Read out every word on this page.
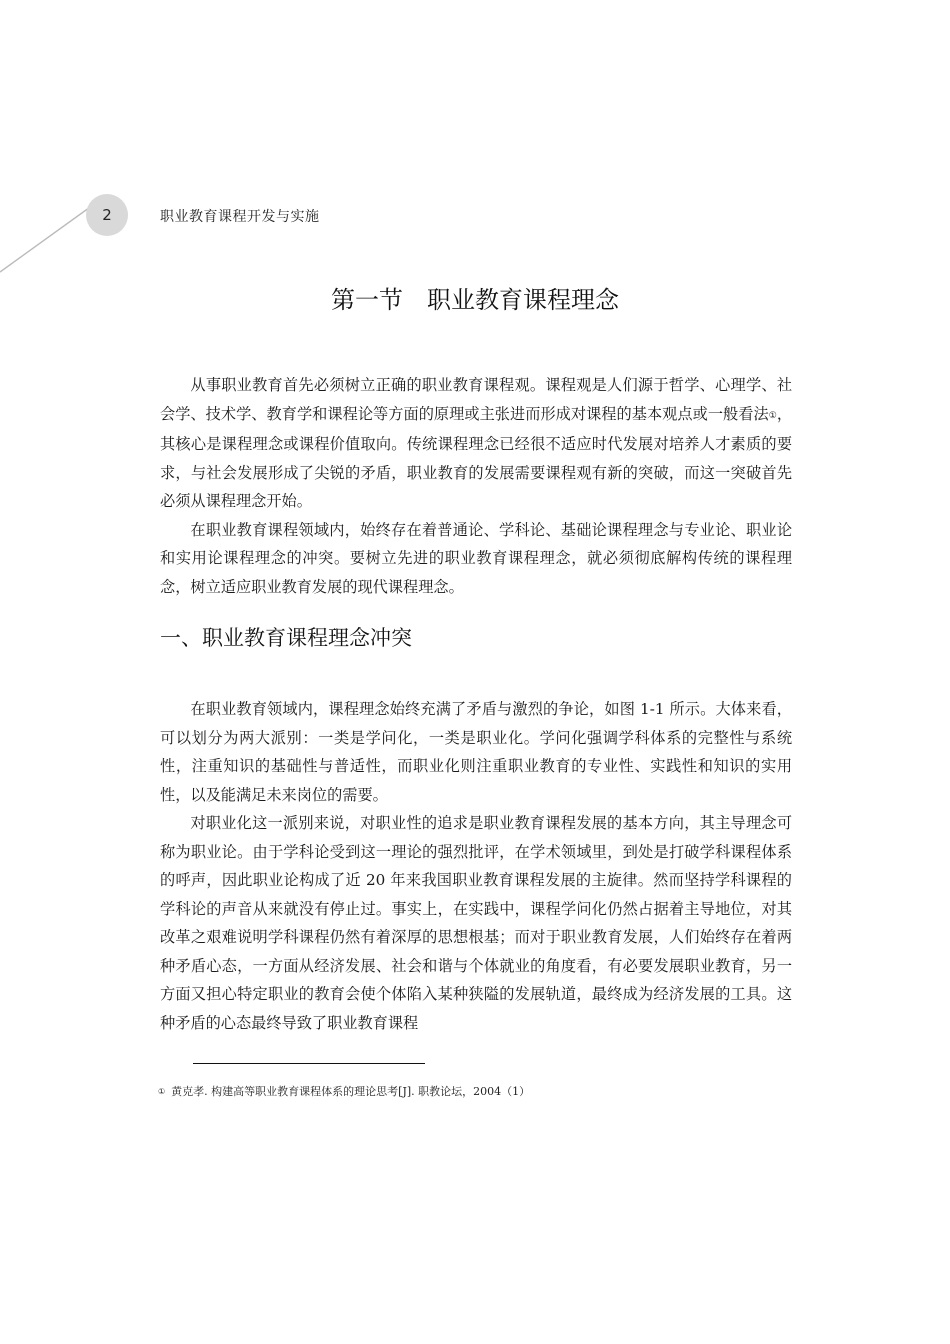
2	职业教育课程开发与实施
第一节 职业教育课程理念

从事职业教育首先必须树立正确的职业教育课程观。课程观是人们源于哲学、心理学、社会学、技术学、教育学和课程论等方面的原理或主张进而形成对课程的基本观点或一般看法①，其核心是课程理念或课程价值取向。传统课程理念已经很不适应时代发展对培养人才素质的要求，与社会发展形成了尖锐的矛盾，职业教育的发展需要课程观有新的突破，而这一突破首先必须从课程理念开始。

在职业教育课程领域内，始终存在着普通论、学科论、基础论课程理念与专业论、职业论和实用论课程理念的冲突。要树立先进的职业教育课程理念，就必须彻底解构传统的课程理念，树立适应职业教育发展的现代课程理念。

一、职业教育课程理念冲突

在职业教育领域内，课程理念始终充满了矛盾与激烈的争论，如图 1-1 所示。大体来看，可以划分为两大派别：一类是学问化，一类是职业化。学问化强调学科体系的完整性与系统性，注重知识的基础性与普适性，而职业化则注重职业教育的专业性、实践性和知识的实用性，以及能满足未来岗位的需要。

对职业化这一派别来说，对职业性的追求是职业教育课程发展的基本方向，其主导理念可称为职业论。由于学科论受到这一理论的强烈批评，在学术领域里，到处是打破学科课程体系的呼声，因此职业论构成了近 20 年来我国职业教育课程发展的主旋律。然而坚持学科课程的学科论的声音从来就没有停止过。事实上，在实践中，课程学问化仍然占据着主导地位，对其改革之艰难说明学科课程仍然有着深厚的思想根基；而对于职业教育发展，人们始终存在着两种矛盾心态，一方面从经济发展、社会和谐与个体就业的角度看，有必要发展职业教育，另一方面又担心特定职业的教育会使个体陷入某种狭隘的发展轨道，最终成为经济发展的工具。这种矛盾的心态最终导致了职业教育课程

① 黄克孝. 构建高等职业教育课程体系的理论思考[J]. 职教论坛，2004（1）
